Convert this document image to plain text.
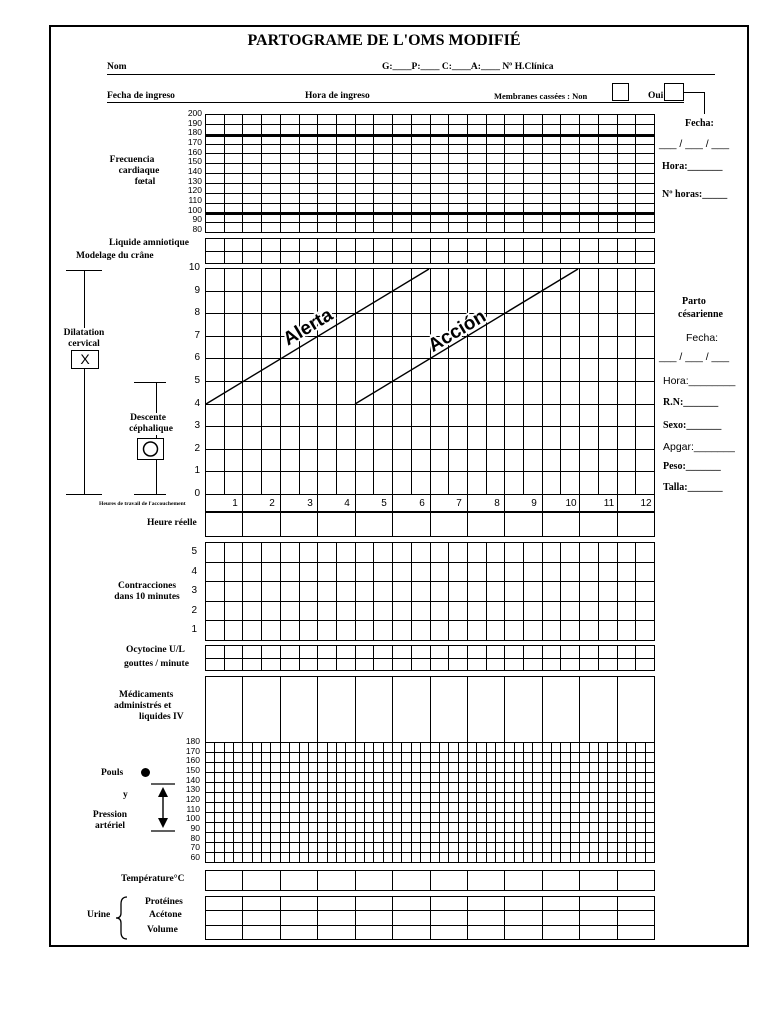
PARTOGRAME DE L'OMS MODIFIÉ
Nom	G:____P:____ C:____A:____ Nº H.Clínica
Fecha de ingreso	Hora de ingreso	Membranes cassées : Non	Oui
Fecha:
___ / ___ / ___
Hora:_______
Nº horas:_____
Frecuencia
cardiaque
fœtal
200
190
180
170
160
150
140
130
120
110
100
90
80
Liquide amniotique
Modelage du crâne
Dilatation
cervical
X
Descente
céphalique
10
9
8
7
6
5
4
3
2
1
0
Alerta	Acción
Heures de travail de l'accouchement	1	2	3	4	5	6	7	8	9	10	11	12
Heure réelle
Parto
césarienne
Fecha:
___ / ___ / ___
Hora:________
R.N:_______
Sexo:_______
Apgar:_______
Peso:_______
Talla:_______
Contracciones
dans 10 minutes
5
4
3
2
1
Ocytocine U/L
gouttes / minute
Médicaments
administrés et
liquides IV
Pouls
y
Pression
artériel
180
170
160
150
140
130
120
110
100
90
80
70
60
Température°C
Urine
Protéines
Acétone
Volume
